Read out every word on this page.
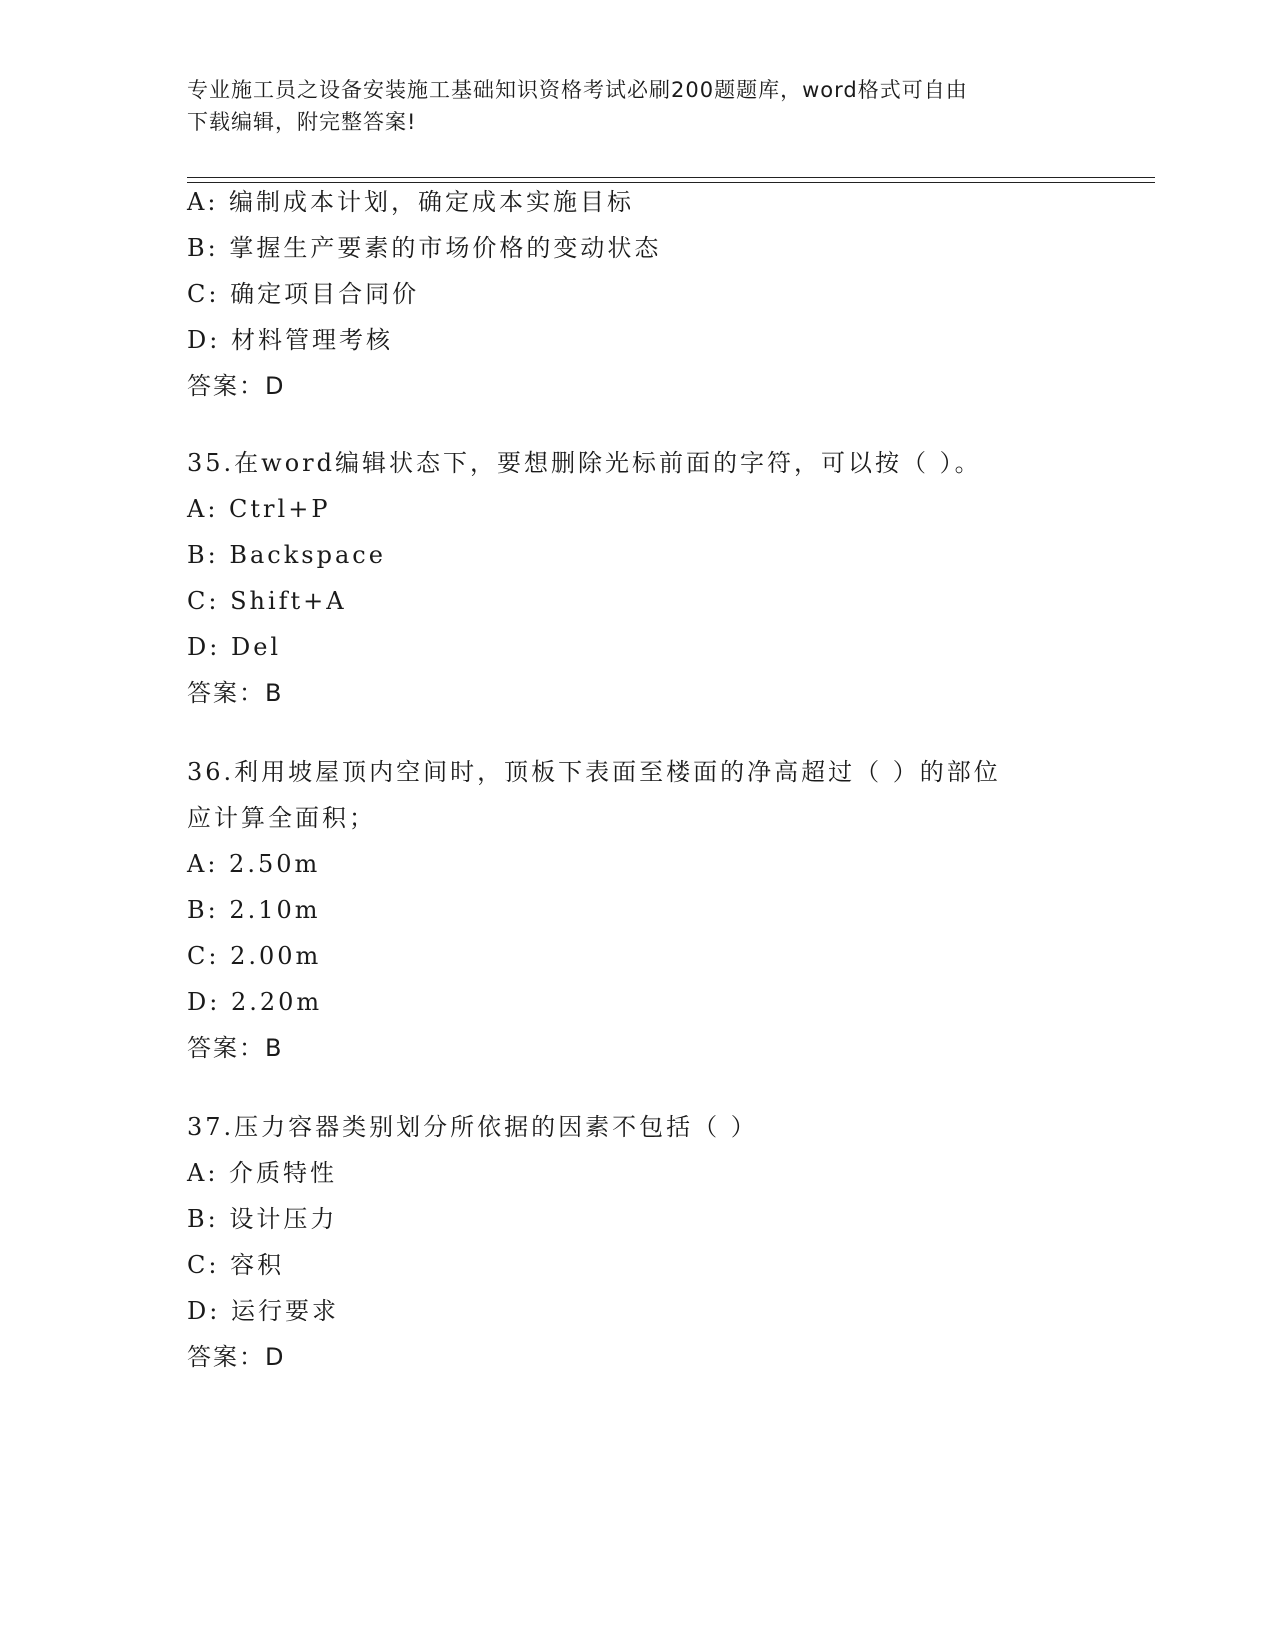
专业施工员之设备安装施工基础知识资格考试必刷200题题库，word格式可自由
下载编辑，附完整答案!
A: 编制成本计划，确定成本实施目标
B: 掌握生产要素的市场价格的变动状态
C: 确定项目合同价
D: 材料管理考核
答案：D
35.在word编辑状态下，要想删除光标前面的字符，可以按（ ）。
A: Ctrl+P
B: Backspace
C: Shift+A
D: Del
答案：B
36.利用坡屋顶内空间时，顶板下表面至楼面的净高超过（ ）的部位
应计算全面积；
A: 2.50m
B: 2.10m
C: 2.00m
D: 2.20m
答案：B
37.压力容器类别划分所依据的因素不包括（ ）
A: 介质特性
B: 设计压力
C: 容积
D: 运行要求
答案：D
